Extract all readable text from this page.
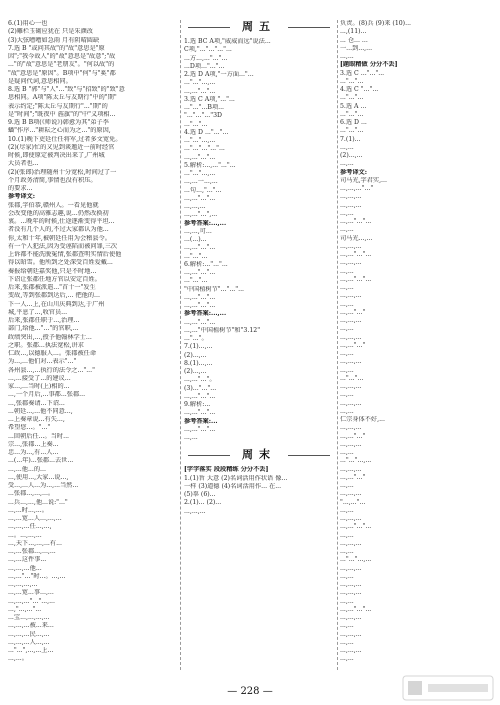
6.(1)用心一也
(2)雕栏玉砌应犹在 只是朱颜改
(3)大弦嘈嘈如急雨 月有阴晴圆缺
7.选 B "或问其故"的"故"意思是"原
因";"我今故人"的"故"意思是"故意";"故
..."的"故"意思是"老朋友"。"何以故"的
"故"意思是"原因"。B项中"何"与"奚"都
是疑问代词,意思相同。
8.选 B "郭"与"人"..."致"与"招致"的"致"意
思相同。A项"陈太丘与友期行"中的"期"
表示约定;"陈太丘与友期行"..."期"的
是"时间";"既夜中 旌旗"的"中"义项相...
9.选 B B项(《师说》)韩愈为其"弟子李
蟠"作序..."耕耘之心而为之..."的原因,
10.(1)晚下吏廷仕任将军,过者多文宽免。
(2)(尽家)忙的又见到谈邀近一前时经官
时候,即使原定被判决出来了,广州城
大员者也...
(2)(张郎)治理随州十分宽松,时间过了一
个月政务清简,事情也没有积压。
的要求...
参考译文:
张郡,字伯恭,赣州人。一看见他就
会改变他的高雅志趣,说...仍然改换初
衷。...晚年的时候,仕途逐渐变得平坦...
者没有几个人的,不过大家都认为他...
你,太和十年,被朝廷任用为会稽县令。
有一个人犯法,因为受诬陷而被问罪,三次
上诉都不能洗脱冤情,张郡查明实情后使他
得以昭雪。他所到之处深受百姓爱戴...
奏报给朝廷嘉奖他,只是不时地...
下诏让张郡任地方官以安定百姓。
后来,张郡被派遣..."首十一"发生
变故,等到张郡到达后,... 把他的...
下一人...上,在山川庆典到达,于广州
城,平息了...,收官员...
后来,张郡任职于...,治理...
部门,给他..."..."的官职,...
政绩突出,...,授予他翰林学士...
之职。张郡...执法宽松,讲求
仁政...,以德服人...。张郡被任命
为...,...他们对...表示"..."
各州县...,...执行的法令之..."..."
...,...接受了...的建议...
家...,...当时(上)相的...
...,一个月后,...事都...张郡...
...,张郡奏请...下诏...
...朝廷...,...他不同意...,
...上奏章说...有失...,
希望您...。"..."
...回朝后任...。当时...
宗...,张郡...上奏...
忠...为...,有...人...
...(...年)...张郡...去世...
...,...他...的...
...,使用...,大家...说...,
受...,...人...为...,...当然...
...张郡...,...,...。
...兵...,...,他...说:"..."
...,...时...,...。
...,...宽...人...,...,...
...,...,...任...,...,
...。...,...,...
...,天下...,...,...有...
...,...张郡...,...,...
...,...这件事...
...,...,...他...
...,..."..."时...。...,...
...,...,...,...
...,...宽...事...,...
...,...,..."..."...,...
...,"...,..."...
...宝...,...,...,...
...,...,...被...来...
...,...,...民...,...
...,...,...人...,...
..."...",...,...上...
...,...。
周五
1.选 BC A项,"威威而远"说法...
C项,"..."..."..."...
...方...,..."..."...
...D项..."..."...
2.选 D A项,"一方面..."...
..."..."...,...
...,..."..."...
3.选 C A项,"..."...
..."..."...B项...
"..."..."..."3D
..."..."...
4.选 D ..."..."...
..."..."...,...
..."..."..."..."...
...,..."..."...
5.解析:...,..."..."...
..."..."...,...
...,...一...,...
...句...,"..."...
...,..."..."...
...,...,...
...,..."...",...
参考答案:...,...
...,...,可...
...(...)...
...,..."..."...
..."..."...
6.解析:..."..."...
...,..."..."...
..."..."...
"中国植树节"..."..."...
...,..."..."...
...,..."..."...
参考答案:...,...
...,..."..."...
...,..."中国植树节"和"3.12"
..."..."。
7.(1)...,...
(2)...,...
8.(1)...,...
(2)...,...
...,..."..."。
(3)..."..."...
...,..."..."...
9.解析:...
...,..."..."...
参考答案:...
...,..."..."...
...,...
周末
[字字落实 段段精练 分分不丢]
1.(1)旨 大意 (2)名词活用作状语 像...
一样 (3)道德 (4)名词活用作... 在...
(5)辜 (6)...
2.(1)... (2)...
...,...,...
负责。(8)兵 (9)来 (10)...
...,(11)...
... 仓... ...
一...到...,...
...,...
[题眼精做 分分不丢]
3.选 C ..."..."...
..."..."...
4.选 C "..."...
..."..."...
5.选 A ...
..."..."...
6.选 D ...
..."..."...
7.(1)...
...,...
(2)...,...
...,...
参考译文:
司马光,字君实,...
...,...,..."..."
...,...,...
...,...,...
...,...
...,..."..."...
...,...
司马光...,...
...,...,...
...,..."..."...
...,...,...
...,...
...,..."..."...
...,...
...,...,...
...,...
...,..."..."
...,...,...
...,...
...,...,...
...,..."..."
...,...
...,...,...
...,...
..."..."...
...,...,...
...,...
...,...,...
...,...
仁宗身体不好,...
...,...,...
...,..."..."
...,...,...
...,...
..."..."...,...
...,...,...
...,..."..."
...,...
...,...,...
"...,..."...
...,...
...,...,...
...,..."..."...
...,...
...,...,...
...,...
..."..."...,...
...,...,...
...,...
...,...,...
...,...,...
...,...
...,..."..."...
...,...,...
...,...
...,...,...
...,...
...,...,...
...,...
— 228 —
